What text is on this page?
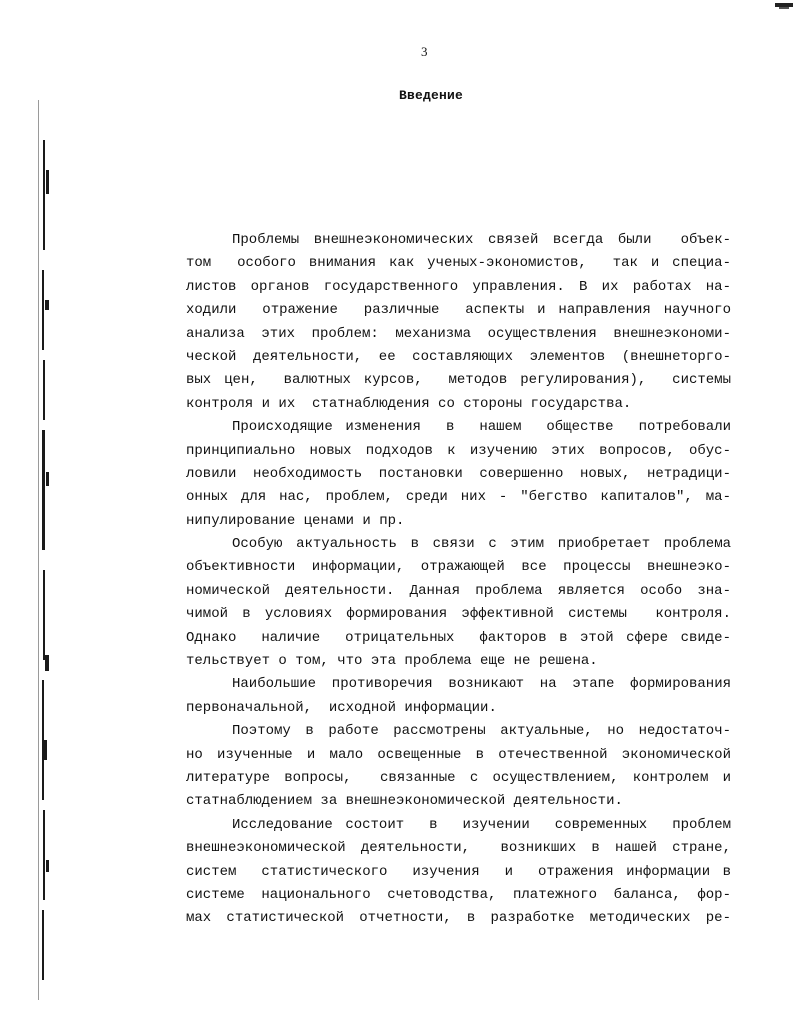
3
Введение
Проблемы внешнеэкономических связей всегда были  объек-
том  особого внимания как ученых-экономистов,  так и специа-
листов органов государственного управления. В их работах на-
ходили  отражение  различные  аспекты и направления научного
анализа этих проблем: механизма осуществления внешнеэкономи-
ческой деятельности, ее составляющих элементов (внешнеторго-
вых цен,  валютных курсов,  методов регулирования),  системы
контроля и их  статнаблюдения со стороны государства.
Происходящие изменения  в  нашем  обществе  потребовали
принципиально новых подходов к изучению этих вопросов, обус-
ловили необходимость постановки совершенно новых, нетрадици-
онных для нас, проблем, среди них - "бегство капиталов", ма-
нипулирование ценами и пр.
Особую актуальность в связи с этим приобретает проблема
объективности информации, отражающей все процессы внешнеэко-
номической деятельности. Данная проблема является особо зна-
чимой в условиях формирования эффективной системы  контроля.
Однако  наличие  отрицательных  факторов в этой сфере свиде-
тельствует о том, что эта проблема еще не решена.
Наибольшие противоречия возникают на этапе формирования
первоначальной,  исходной информации.
Поэтому в работе рассмотрены актуальные, но недостаточ-
но изученные и мало освещенные в отечественной экономической
литературе вопросы,  связанные с осуществлением, контролем и
статнаблюдением за внешнеэкономической деятельности.
Исследование состоит  в  изучении  современных  проблем
внешнеэкономической деятельности,  возникших в нашей стране,
систем  статистического  изучения  и  отражения информации в
системе национального счетоводства, платежного баланса, фор-
мах статистической отчетности, в разработке методических ре-
